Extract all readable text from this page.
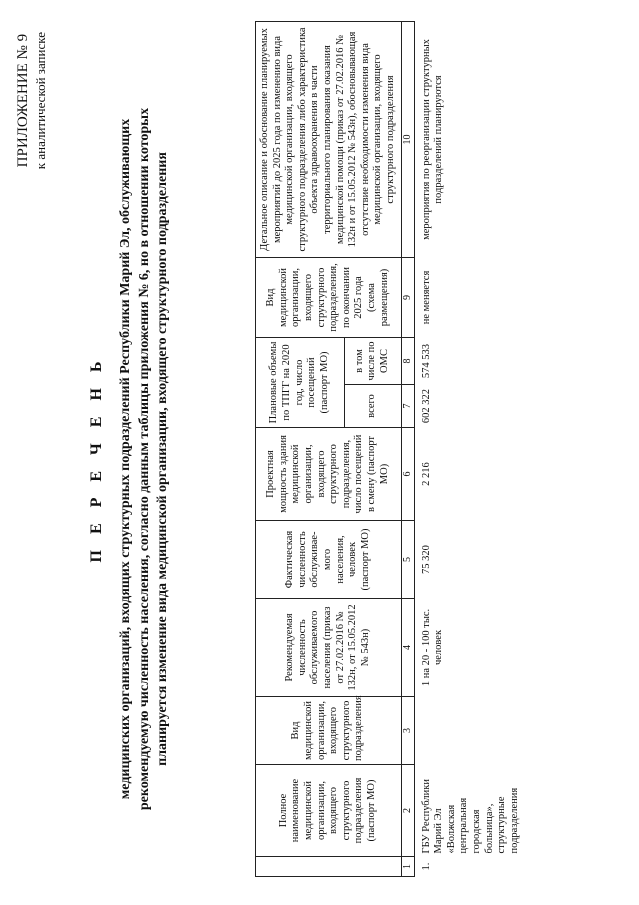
ПРИЛОЖЕНИЕ № 9 к аналитической записке
П Е Р Е Ч Е Н Ь медицинских организаций, входящих структурных подразделений Республики Марий Эл, обслуживающих рекомендуемую численность населения, согласно данным таблицы приложения № 6, но в отношении которых планируется изменение вида медицинской организации, входящего структурного подразделения
	Полное наименование медицинской организации, входящего структурного подразделения (паспорт МО)	Вид медицинской организации, входящего структурного подразделения	Рекомендуемая численность обслуживаемого населения (приказ от 27.02.2016 № 132н, от 15.05.2012 № 543н)	Фактическая численность обслуживае-мого населения, человек (паспорт МО)	Проектная мощность здания медицинской организации, входящего структурного подразделения, число посещений в смену (паспорт МО)	Плановые объемы по ТПГГ на 2020 год, число посещений (паспорт МО)		Вид медицинской организации, входящего структурного подразделения, по окончании 2025 года (схема размещения)	Детальное описание и обоснование планируемых мероприятий до 2025 года по изменению вида медицинской организации, входящего структурного подразделения либо характеристика объекта здравоохранения в части территориального планирования оказания медицинской помощи (приказ от 27.02.2016 № 132н и от 15.05.2012 № 543н), обосновывающая отсутствие необходимости изменения вида медицинской организации, входящего структурного подразделения
						всего	в том числе по ОМС		
1	2	3	4	5	6	7	8	9	10
1.	ГБУ Республики Марий Эл «Волжская центральная городская больница», структурные подразделения		1 на 20 - 100 тыс. человек	75 320	2 216	602 322	574 533	не меняется	мероприятия по реорганизации структурных подразделений планируются
